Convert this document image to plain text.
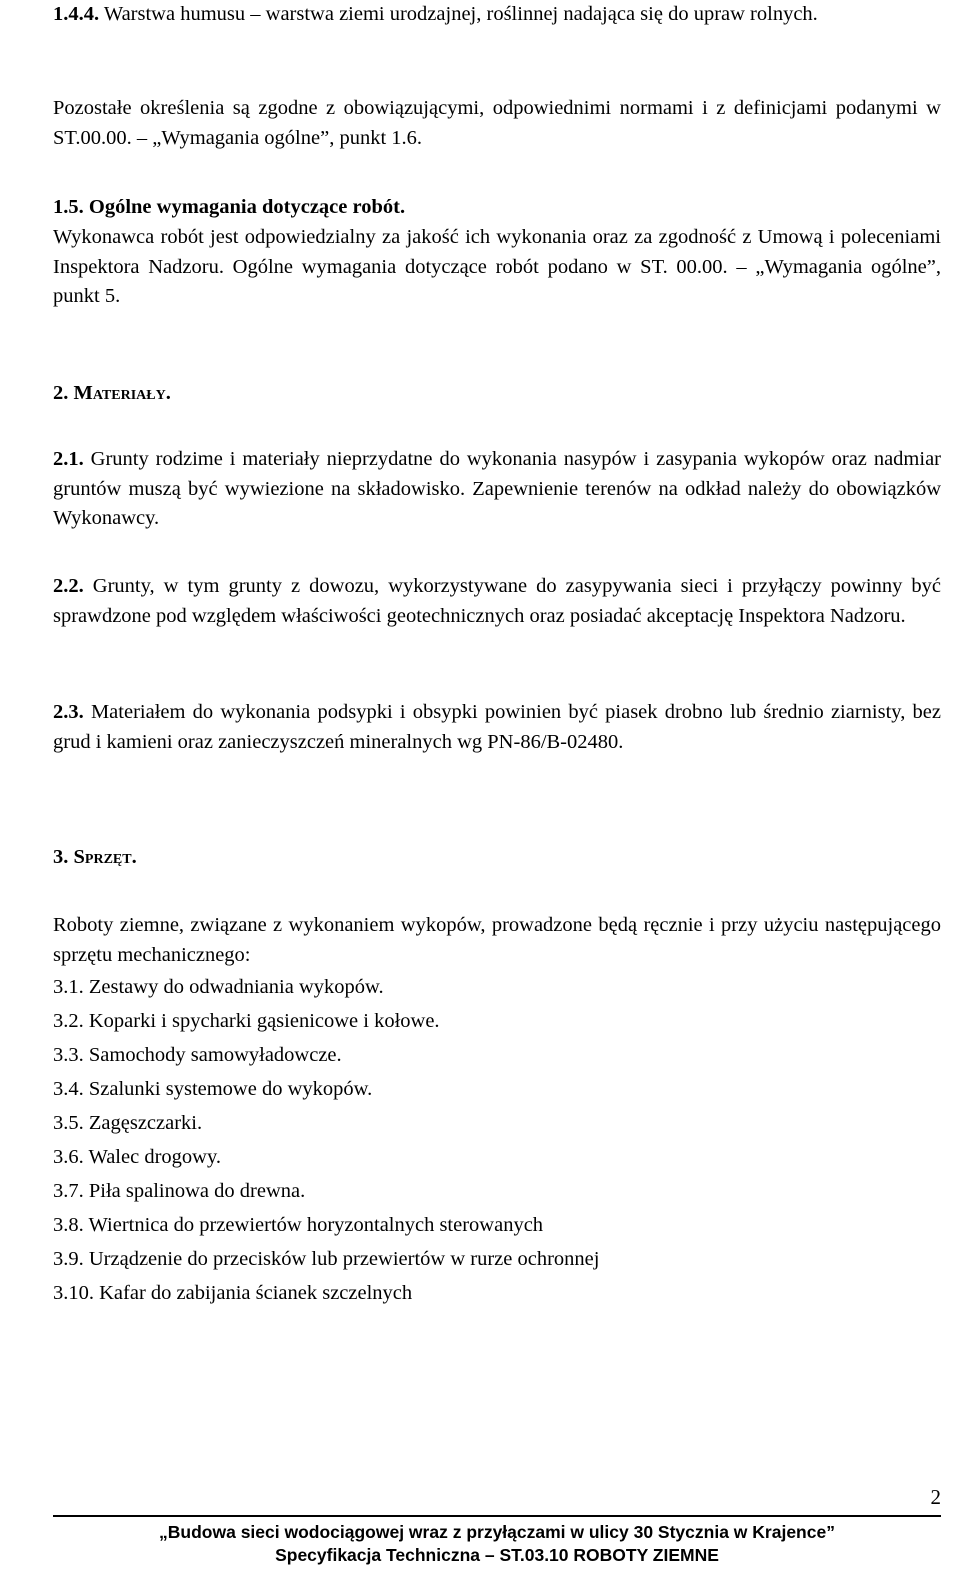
1.4.4. Warstwa humusu – warstwa ziemi urodzajnej, roślinnej nadająca się do upraw rolnych.

Pozostałe określenia są zgodne z obowiązującymi, odpowiednimi normami i z definicjami podanymi w ST.00.00. – „Wymagania ogólne”, punkt 1.6.

1.5. Ogólne wymagania dotyczące robót.

Wykonawca robót jest odpowiedzialny za jakość ich wykonania oraz za zgodność z Umową i poleceniami Inspektora Nadzoru. Ogólne wymagania dotyczące robót podano w ST. 00.00. – „Wymagania ogólne”, punkt 5.

2. Materiały.

2.1. Grunty rodzime i materiały nieprzydatne do wykonania nasypów i zasypania wykopów oraz nadmiar gruntów muszą być wywiezione na składowisko. Zapewnienie terenów na odkład należy do obowiązków Wykonawcy.

2.2. Grunty, w tym grunty z dowozu, wykorzystywane do zasypywania sieci i przyłączy powinny być sprawdzone pod względem właściwości geotechnicznych oraz posiadać akceptację Inspektora Nadzoru.

2.3. Materiałem do wykonania podsypki i obsypki powinien być piasek drobno lub średnio ziarnisty, bez grud i kamieni oraz zanieczyszczeń mineralnych wg PN-86/B-02480.

3. Sprzęt.

Roboty ziemne, związane z wykonaniem wykopów, prowadzone będą ręcznie i przy użyciu następującego sprzętu mechanicznego:

3.1. Zestawy do odwadniania wykopów.
3.2. Koparki i spycharki gąsienicowe i kołowe.
3.3. Samochody samowyładowcze.
3.4. Szalunki systemowe do wykopów.
3.5. Zagęszczarki.
3.6. Walec drogowy.
3.7. Piła spalinowa do drewna.
3.8. Wiertnica do przewiertów horyzontalnych sterowanych
3.9. Urządzenie do przecisków lub przewiertów w rurze ochronnej
3.10. Kafar do zabijania ścianek szczelnych
2
„Budowa sieci wodociągowej wraz z przyłączami w ulicy 30 Stycznia w Krajence”
Specyfikacja Techniczna – ST.03.10 ROBOTY ZIEMNE
